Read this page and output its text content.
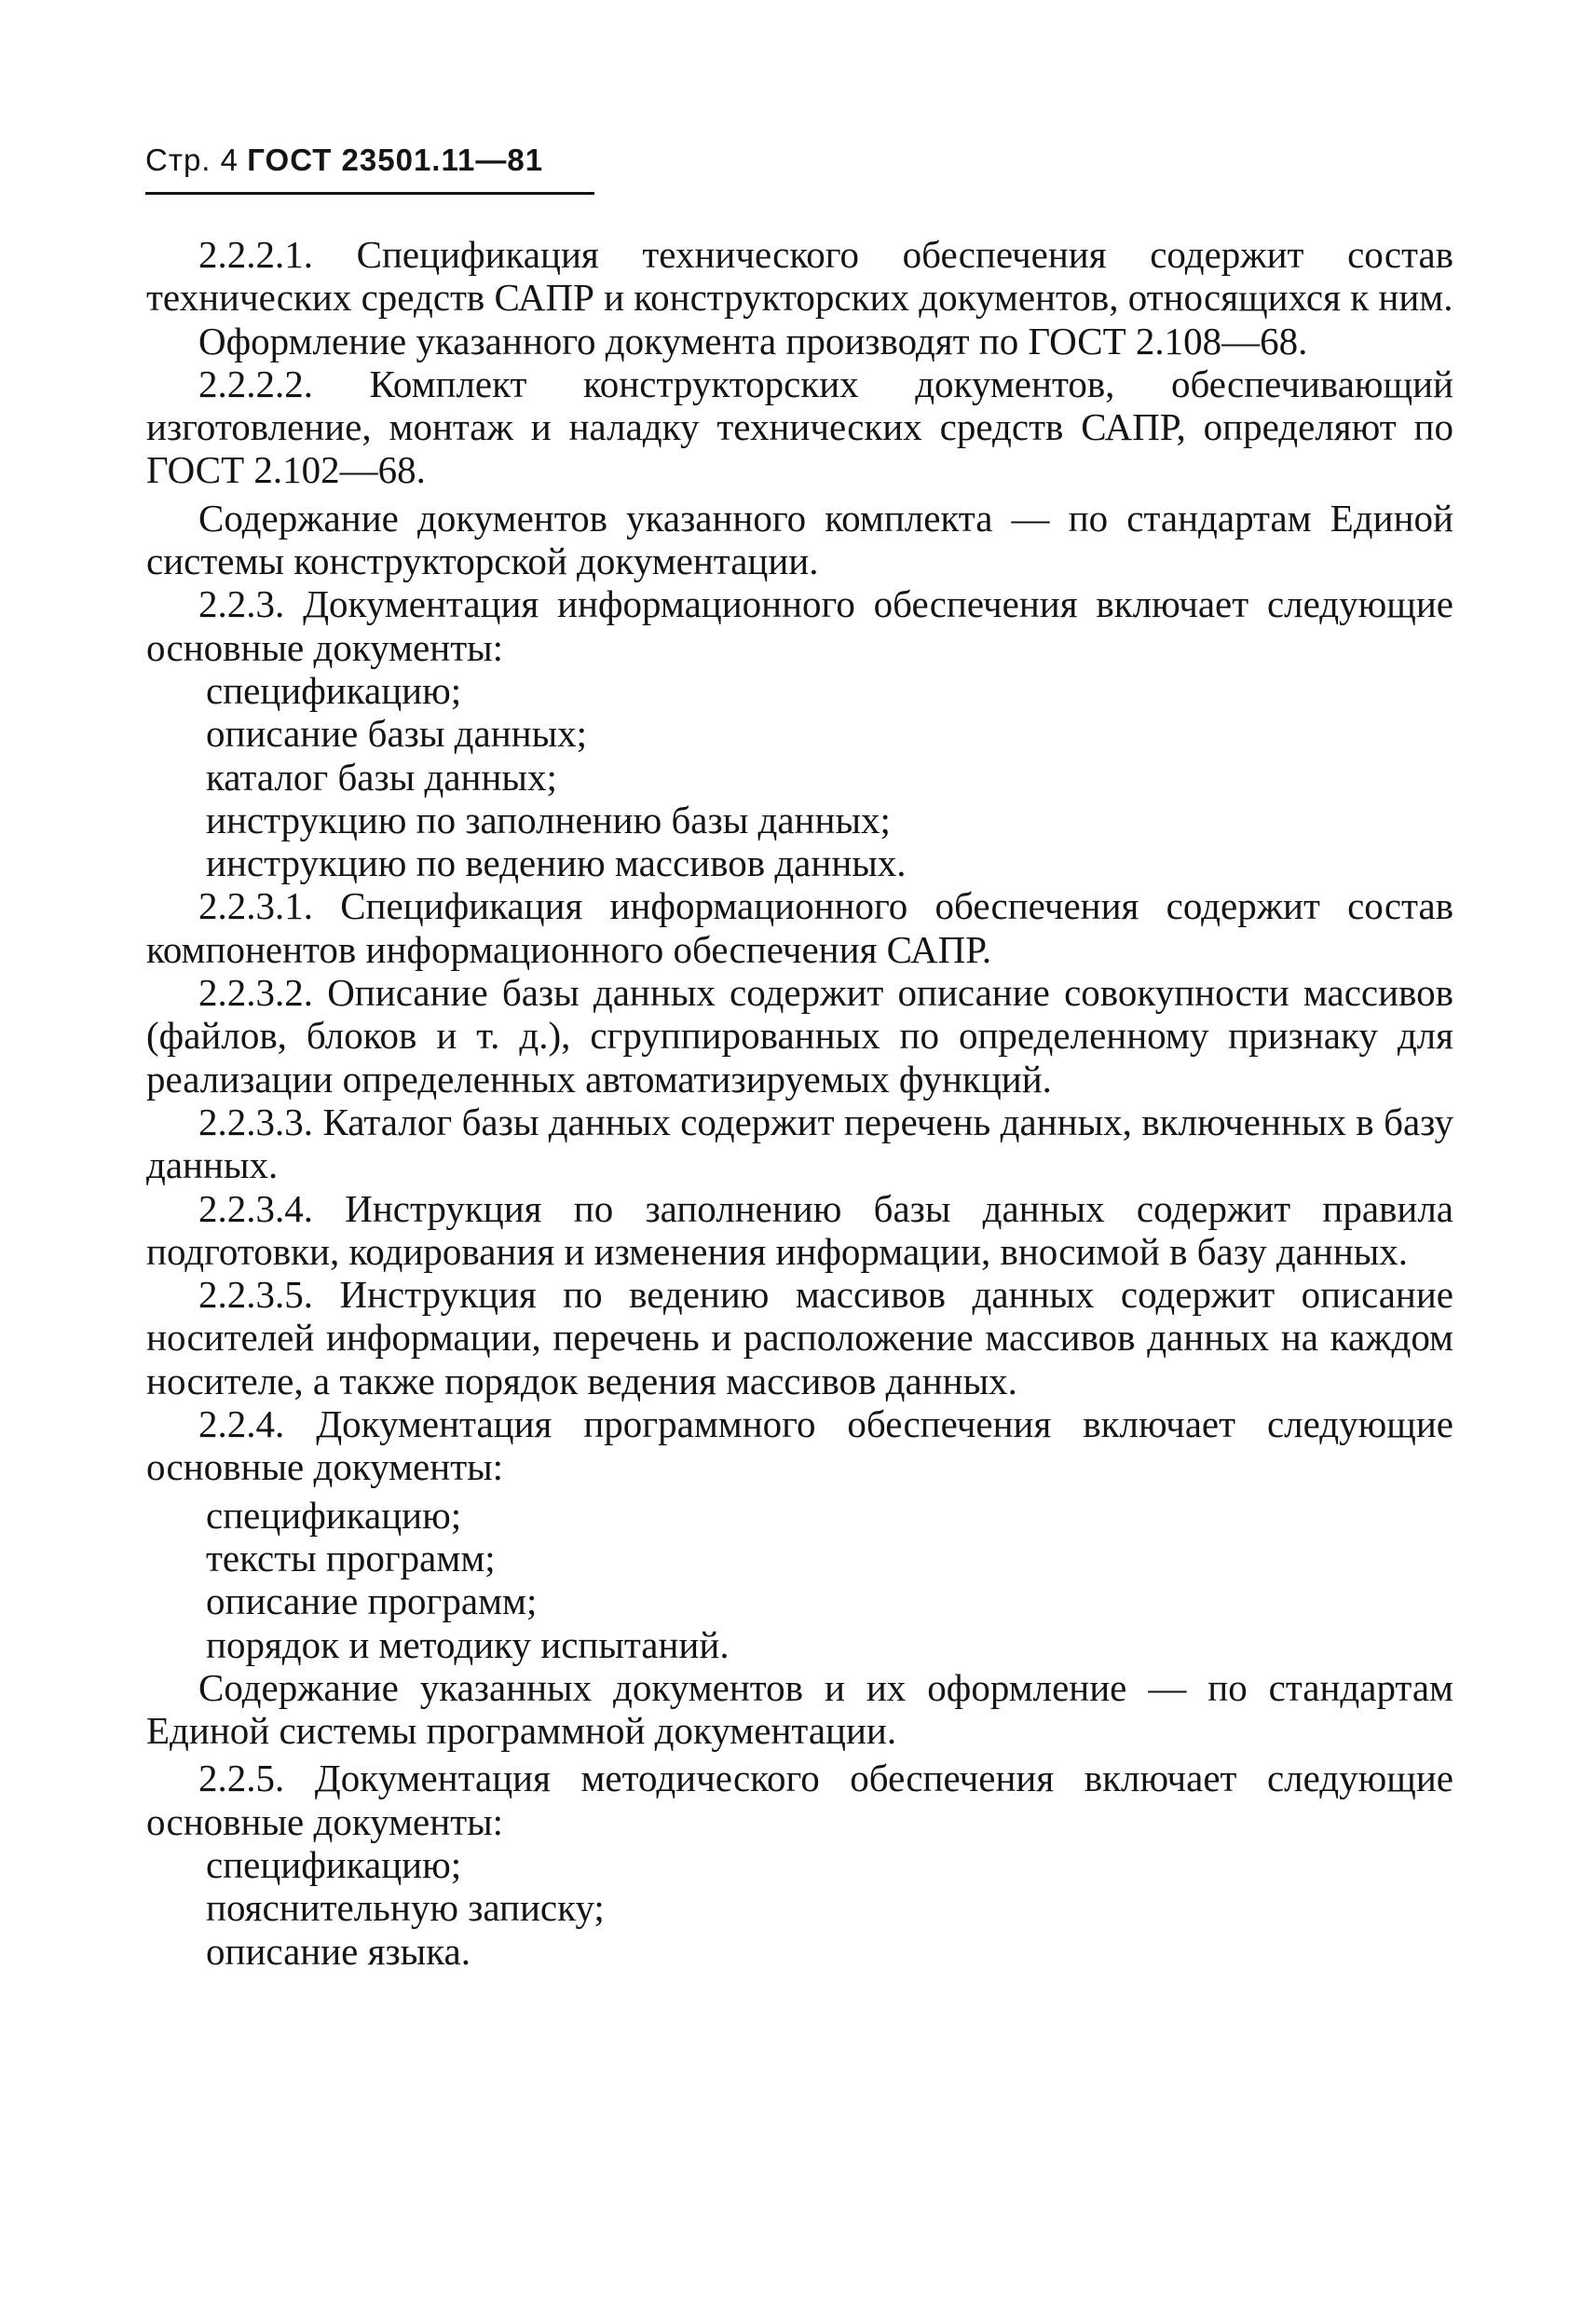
Стр. 4 ГОСТ 23501.11—81

2.2.2.1. Спецификация технического обеспечения содержит состав технических средств САПР и конструкторских документов, относящихся к ним.

Оформление указанного документа производят по ГОСТ 2.108—68.

2.2.2.2. Комплект конструкторских документов, обеспечивающий изготовление, монтаж и наладку технических средств САПР, определяют по ГОСТ 2.102—68.

Содержание документов указанного комплекта — по стандартам Единой системы конструкторской документации.

2.2.3. Документация информационного обеспечения включает следующие основные документы:

спецификацию;

описание базы данных;

каталог базы данных;

инструкцию по заполнению базы данных;

инструкцию по ведению массивов данных.

2.2.3.1. Спецификация информационного обеспечения содержит состав компонентов информационного обеспечения САПР.

2.2.3.2. Описание базы данных содержит описание совокупности массивов (файлов, блоков и т. д.), сгруппированных по определенному признаку для реализации определенных автоматизируемых функций.

2.2.3.3. Каталог базы данных содержит перечень данных, включенных в базу данных.

2.2.3.4. Инструкция по заполнению базы данных содержит правила подготовки, кодирования и изменения информации, вносимой в базу данных.

2.2.3.5. Инструкция по ведению массивов данных содержит описание носителей информации, перечень и расположение массивов данных на каждом носителе, а также порядок ведения массивов данных.

2.2.4. Документация программного обеспечения включает следующие основные документы:

спецификацию;

тексты программ;

описание программ;

порядок и методику испытаний.

Содержание указанных документов и их оформление — по стандартам Единой системы программной документации.

2.2.5. Документация методического обеспечения включает следующие основные документы:

спецификацию;

пояснительную записку;

описание языка.
